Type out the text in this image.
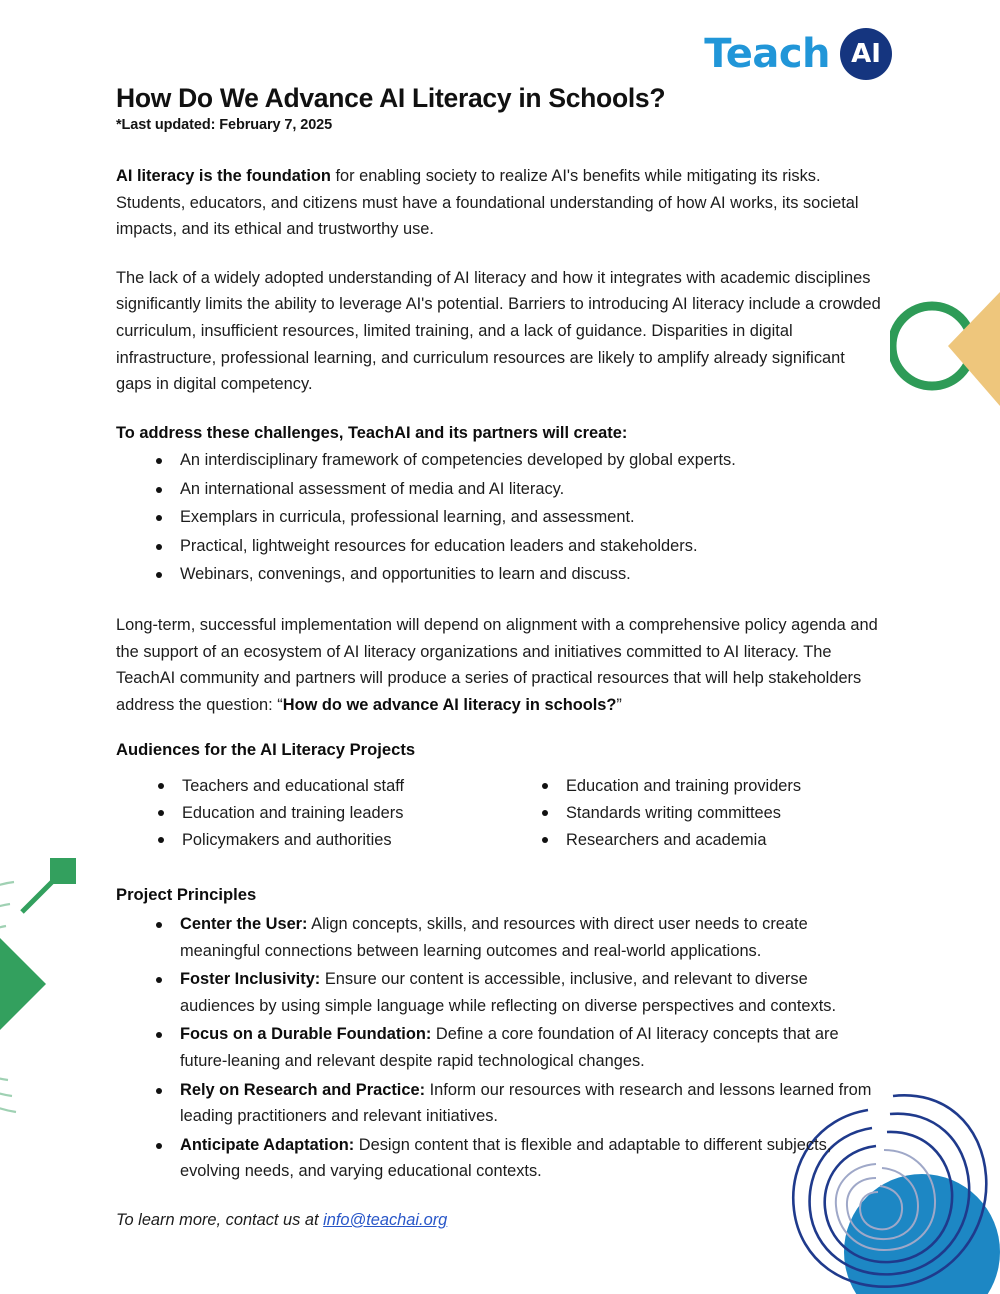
Teach AI
How Do We Advance AI Literacy in Schools?
*Last updated: February 7, 2025

AI literacy is the foundation for enabling society to realize AI's benefits while mitigating its risks. Students, educators, and citizens must have a foundational understanding of how AI works, its societal impacts, and its ethical and trustworthy use.

The lack of a widely adopted understanding of AI literacy and how it integrates with academic disciplines significantly limits the ability to leverage AI's potential. Barriers to introducing AI literacy include a crowded curriculum, insufficient resources, limited training, and a lack of guidance. Disparities in digital infrastructure, professional learning, and curriculum resources are likely to amplify already significant gaps in digital competency.

To address these challenges, TeachAI and its partners will create:
An interdisciplinary framework of competencies developed by global experts.
An international assessment of media and AI literacy.
Exemplars in curricula, professional learning, and assessment.
Practical, lightweight resources for education leaders and stakeholders.
Webinars, convenings, and opportunities to learn and discuss.

Long-term, successful implementation will depend on alignment with a comprehensive policy agenda and the support of an ecosystem of AI literacy organizations and initiatives committed to AI literacy. The TeachAI community and partners will produce a series of practical resources that will help stakeholders address the question: “How do we advance AI literacy in schools?”

Audiences for the AI Literacy Projects
Teachers and educational staff
Education and training leaders
Policymakers and authorities
Education and training providers
Standards writing committees
Researchers and academia
Project Principles
Center the User: Align concepts, skills, and resources with direct user needs to create meaningful connections between learning outcomes and real-world applications.
Foster Inclusivity: Ensure our content is accessible, inclusive, and relevant to diverse audiences by using simple language while reflecting on diverse perspectives and contexts.
Focus on a Durable Foundation: Define a core foundation of AI literacy concepts that are future-leaning and relevant despite rapid technological changes.
Rely on Research and Practice: Inform our resources with research and lessons learned from leading practitioners and relevant initiatives.
Anticipate Adaptation: Design content that is flexible and adaptable to different subjects, evolving needs, and varying educational contexts.

To learn more, contact us at info@teachai.org
